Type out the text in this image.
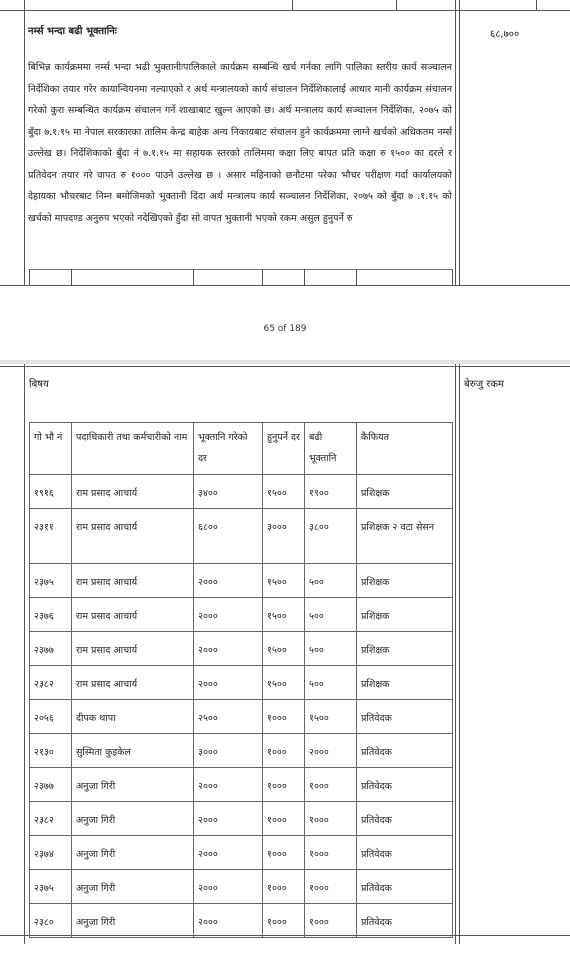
नर्म्स भन्दा बढी भूक्तानिः	६८,७००
बिभिन्न कार्यक्रममा नर्म्स भन्दा भढी भुक्तानीःपालिकाले कार्यक्रम सम्बन्धि खर्च गर्नका लागि पालिका स्तरीय कार्य सञ्चालन निर्देशिका तयार गरेर कायान्वियनमा नल्याएको र अर्थ मन्त्रालयको कार्य संचालन निर्देशिकालाई आधार मानी कार्यक्रम संचालन गरेको कुरा सम्बन्धित कार्यक्रम संचालन गर्ने शाखाबाट खुल्न आएको छ। अर्थ मन्त्रालय कार्य सञ्चालन निर्देशिका, २०७५ को बुँदा ७.१.१५ मा नेपाल सरकारका तालिम केन्द्र बाहेक अन्य निकायबाट संचालन हुने कार्यक्रममा लाग्ने खर्चको अधिकतम नर्म्स उल्लेख छ। निर्देशिकाको बुँदा नं ७.१.१५ मा सहायक स्तरको तालिममा कक्षा लिए बापत प्रति कक्षा रु १५०० का दरले र प्रतिवेदन तयार गरे वापत रु १००० पाउने उल्लेख छ । असार महिनाको छनौटमा परेका भौचर परीक्षण गर्दा कार्यालयको देहायका भौचरबाट निम्न बमोजिमको भुक्तानी दिंदा अर्थ मन्त्रालय कार्य सञ्चालन निर्देशिका, २०७५ को बुँदा ७ .१.१५ को खर्चको मापदण्ड अनुरुप भएको नदेखिएको हुँदा सो वापत भुक्तानी भएको रकम असुल हुनुपर्ने रु
65 of 189
बिषय	बेरुजु रकम
गो भौ नं	पदाधिकारी तथा कर्मचारीको नाम	भूक्तानि गरेको दर	हुनुपर्ने दर	बढी भूक्तानि	कैफियत
१९१६	राम प्रसाद आचार्य	३४००	१५००	१९००	प्रशिक्षक
२३११	राम प्रसाद आचार्य	६८००	३०००	३८००	प्रशिक्षक २ वटा सेसन
२३७५	राम प्रसाद आचार्य	२०००	१५००	५००	प्रशिक्षक
२३७६	राम प्रसाद आचार्य	२०००	१५००	५००	प्रशिक्षक
२३७७	राम प्रसाद आचार्य	२०००	१५००	५००	प्रशिक्षक
२३८२	राम प्रसाद आचार्य	२०००	१५००	५००	प्रशिक्षक
२०५६	दीपक थापा	२५००	१०००	१५००	प्रतिवेदक
२१३०	सुस्मिता कुइकेल	३०००	१०००	२०००	प्रतिवेदक
२३७७	अनुजा गिरी	२०००	१०००	१०००	प्रतिवेदक
२३८२	अनुजा गिरी	२०००	१०००	१०००	प्रतिवेदक
२३७४	अनुजा गिरी	२०००	१०००	१०००	प्रतिवेदक
२३७५	अनुजा गिरी	२०००	१०००	१०००	प्रतिवेदक
२३८०	अनुजा गिरी	२०००	१०००	१०००	प्रतिवेदक
